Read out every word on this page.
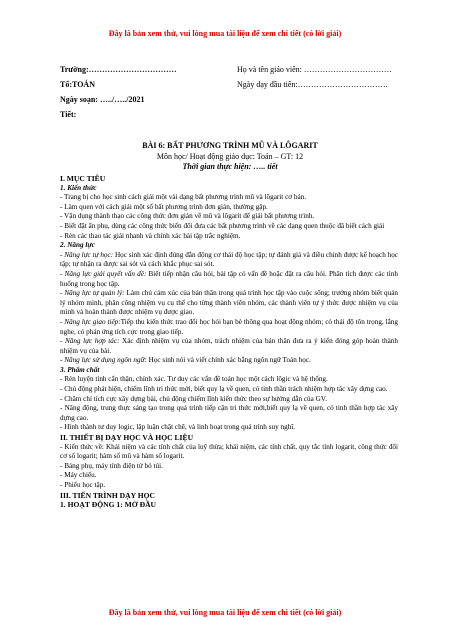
Đây là bản xem thử, vui lòng mua tài liệu để xem chi tiết (có lời giải)
Trường:……………………………
Tổ:TOÁN
Ngày soạn: …../…../2021
Tiết:
Họ và tên giáo viên: ……………………………
Ngày dạy đầu tiên:…………………………….
BÀI 6: BẤT PHƯƠNG TRÌNH MŨ VÀ LÔGARIT
Môn học/ Hoạt động giáo dục: Toán – GT: 12
Thời gian thực hiện: ….. tiết

I. MỤC TIÊU

1. Kiến thức

- Trang bị cho học sinh cách giải một vài dạng bất phương trình mũ và lôgarit cơ bản.

- Làm quen với cách giải một số bất phương trình đơn giản, thường gặp.

- Vận dụng thành thạo các công thức đơn giản về mũ và lôgarit để giải bất phương trình.

- Biết đặt ẩn phụ, dùng các công thức biến đổi đưa các bất phương trình về các dạng quen thuộc đã biết cách giải

- Rèn các thao tác giải nhanh và chính xác bài tập trắc nghiệm.

2. Năng lực

- Năng lực tự học: Học sinh xác định đúng đắn động cơ thái độ học tập; tự đánh giá và điều chỉnh được kế hoạch học tập; tự nhận ra được sai sót và cách khắc phục sai sót.

- Năng lực giải quyết vấn đề: Biết tiếp nhận câu hỏi, bài tập có vấn đề hoặc đặt ra câu hỏi. Phân tích được các tình huống trong học tập.

- Năng lực tự quản lý: Làm chủ cảm xúc của bản thân trong quá trình học tập vào cuộc sống; trưởng nhóm biết quản lý nhóm mình, phân công nhiệm vụ cụ thể cho từng thành viên nhóm, các thành viên tự ý thức được nhiệm vụ của mình và hoàn thành được nhiệm vụ được giao.

- Năng lực giao tiếp:Tiếp thu kiến thức trao đổi học hỏi bạn bè thông qua hoạt động nhóm; có thái độ tôn trọng, lắng nghe, có phản ứng tích cực trong giao tiếp.

- Năng lực hợp tác: Xác định nhiệm vụ của nhóm, trách nhiệm của bản thân đưa ra ý kiến đóng góp hoàn thành nhiệm vụ của bài.

- Năng lực sử dụng ngôn ngữ: Học sinh nói và viết chính xác bằng ngôn ngữ Toán học.

3. Phẩm chất

- Rèn luyện tính cẩn thận, chính xác. Tư duy các vấn đề toán học một cách lôgic và hệ thống.

- Chủ động phát hiện, chiếm lĩnh tri thức mới, biết quy lạ về quen, có tinh thần trách nhiệm hợp tác xây dựng cao.

- Chăm chỉ tích cực xây dựng bài, chủ động chiếm lĩnh kiến thức theo sự hướng dẫn của GV.

- Năng động, trung thực sáng tạo trong quá trình tiếp cận tri thức mới,biết quy lạ về quen, có tinh thần hợp tác xây dựng cao.

- Hình thành tư duy logic, lập luận chặt chẽ, và linh hoạt trong quá trình suy nghĩ.

II. THIẾT BỊ DẠY HỌC VÀ HỌC LIỆU

- Kiến thức về: Khái niệm và các tính chất của luỹ thừa; khái niệm, các tính chất, quy tắc tính logarit, công thức đổi cơ số logarit; hàm số mũ và hàm số logarit.

- Bảng phụ, máy tính điện tử bỏ túi.

- Máy chiếu.

- Phiếu học tập.

III. TIẾN TRÌNH DẠY HỌC

1. HOẠT ĐỘNG 1: MỞ ĐẦU

Đây là bản xem thử, vui lòng mua tài liệu để xem chi tiết (có lời giải)
